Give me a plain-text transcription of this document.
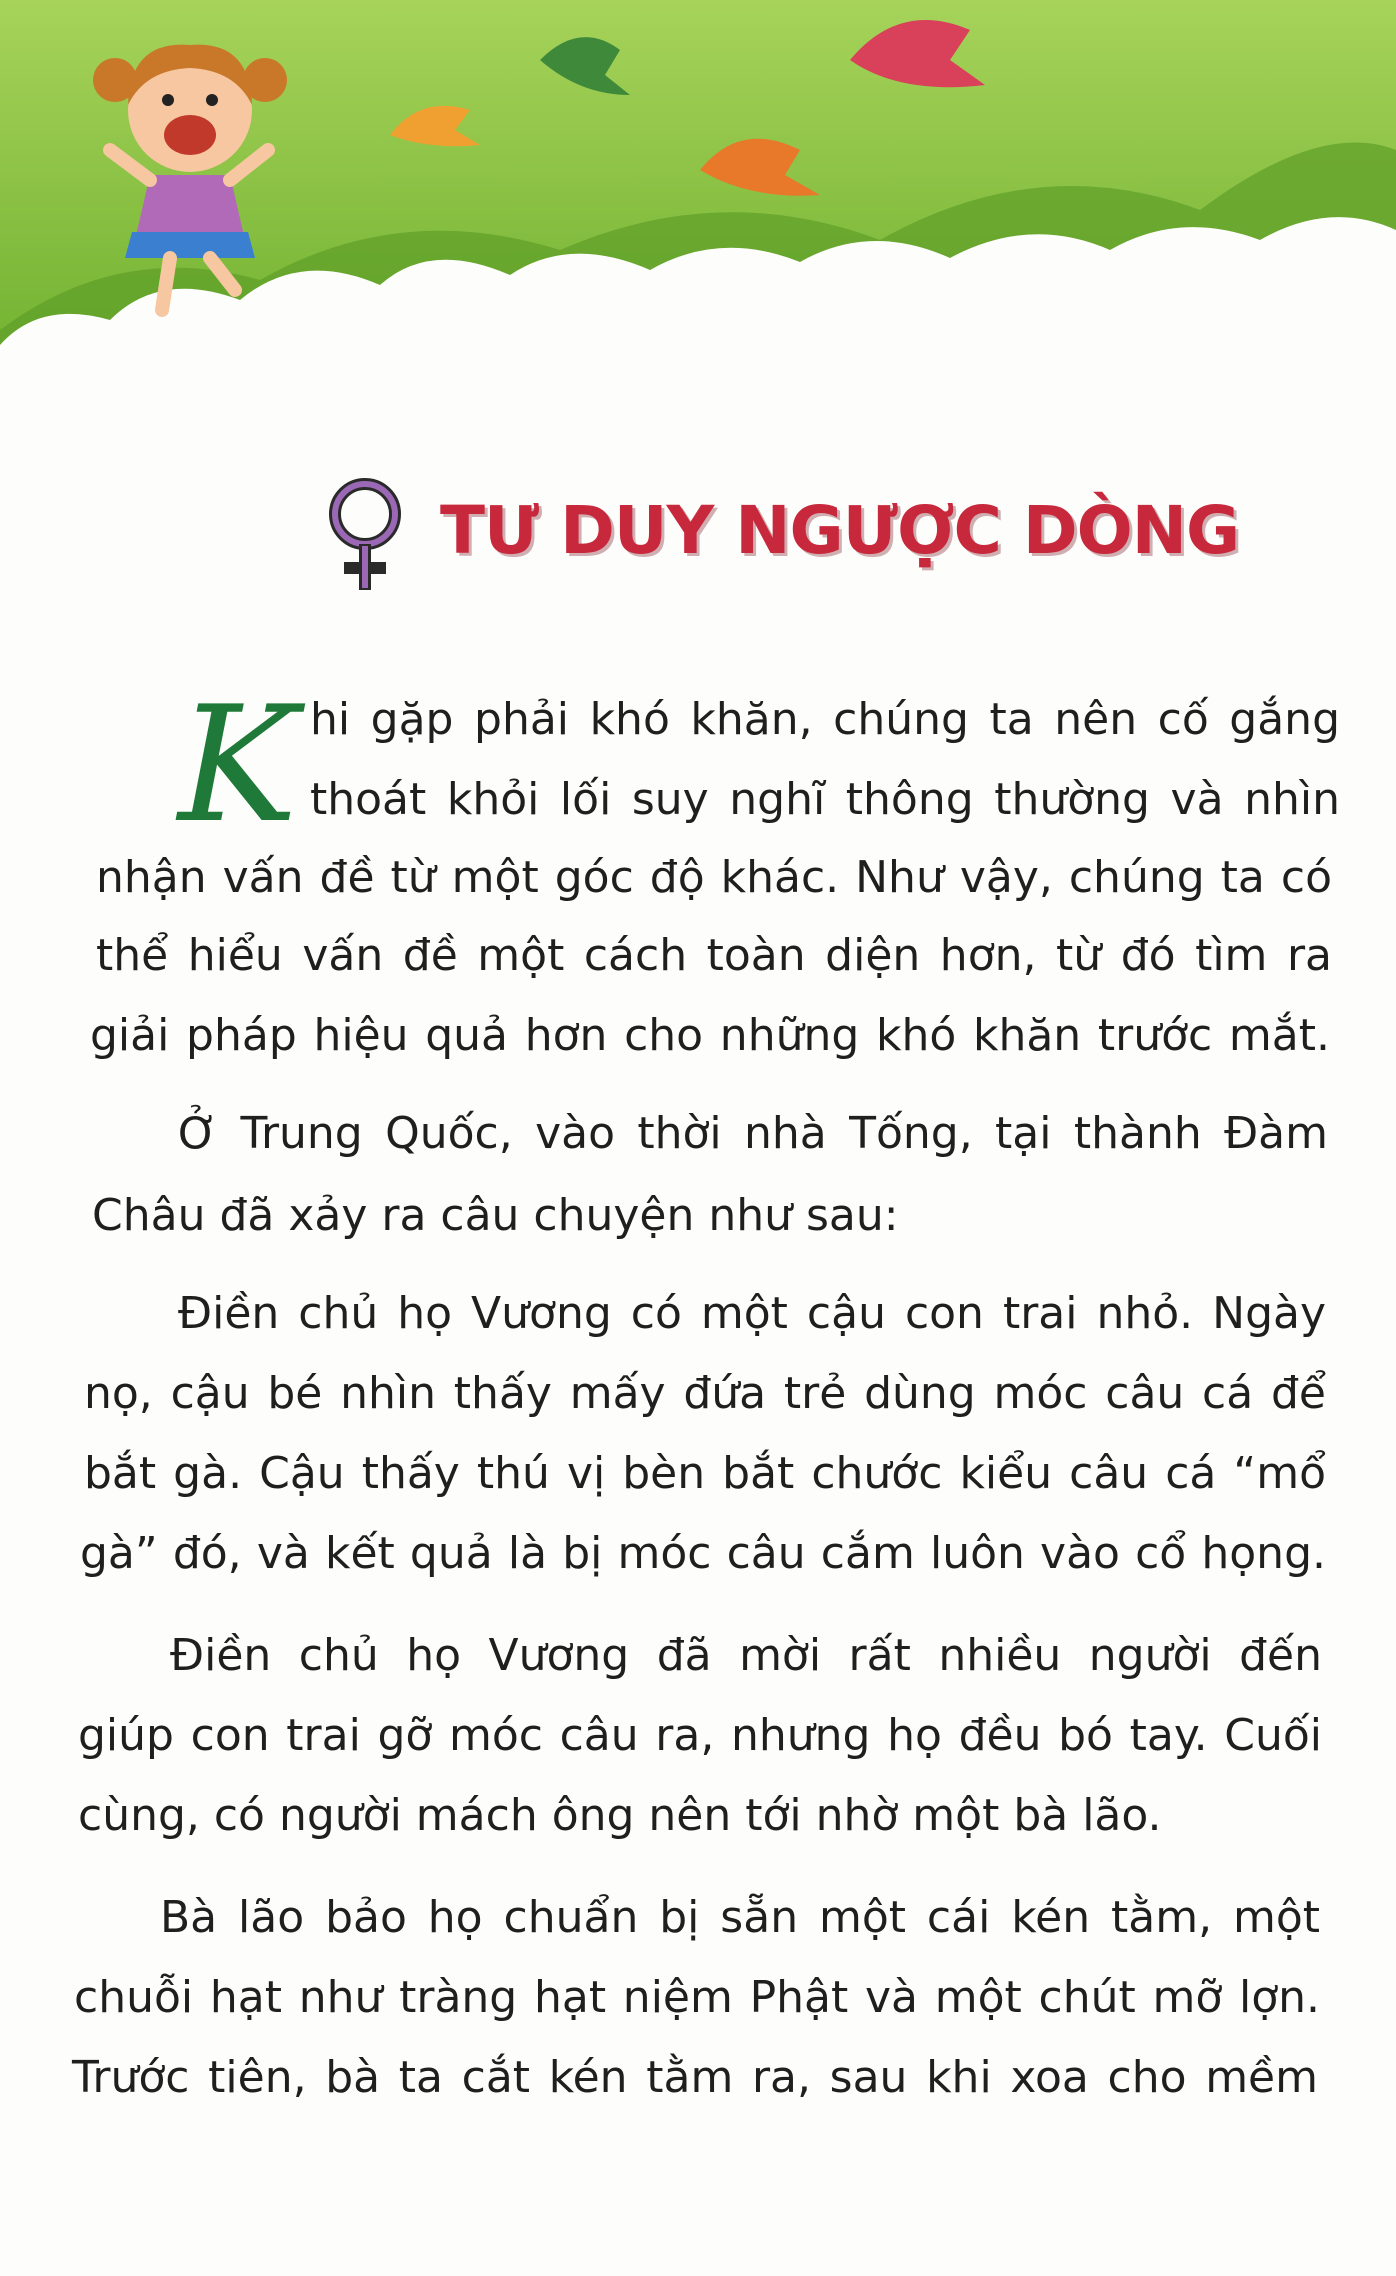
TƯ DUY NGƯỢC DÒNG
K hi gặp phải khó khăn, chúng ta nên cố gắng
thoát khỏi lối suy nghĩ thông thường và nhìn
nhận vấn đề từ một góc độ khác. Như vậy, chúng ta có
thể hiểu vấn đề một cách toàn diện hơn, từ đó tìm ra
giải pháp hiệu quả hơn cho những khó khăn trước mắt.
Ở Trung Quốc, vào thời nhà Tống, tại thành Đàm
Châu đã xảy ra câu chuyện như sau:
Điền chủ họ Vương có một cậu con trai nhỏ. Ngày
nọ, cậu bé nhìn thấy mấy đứa trẻ dùng móc câu cá để
bắt gà. Cậu thấy thú vị bèn bắt chước kiểu câu cá “mổ
gà” đó, và kết quả là bị móc câu cắm luôn vào cổ họng.
Điền chủ họ Vương đã mời rất nhiều người đến
giúp con trai gỡ móc câu ra, nhưng họ đều bó tay. Cuối
cùng, có người mách ông nên tới nhờ một bà lão.
Bà lão bảo họ chuẩn bị sẵn một cái kén tằm, một
chuỗi hạt như tràng hạt niệm Phật và một chút mỡ lợn.
Trước tiên, bà ta cắt kén tằm ra, sau khi xoa cho mềm
